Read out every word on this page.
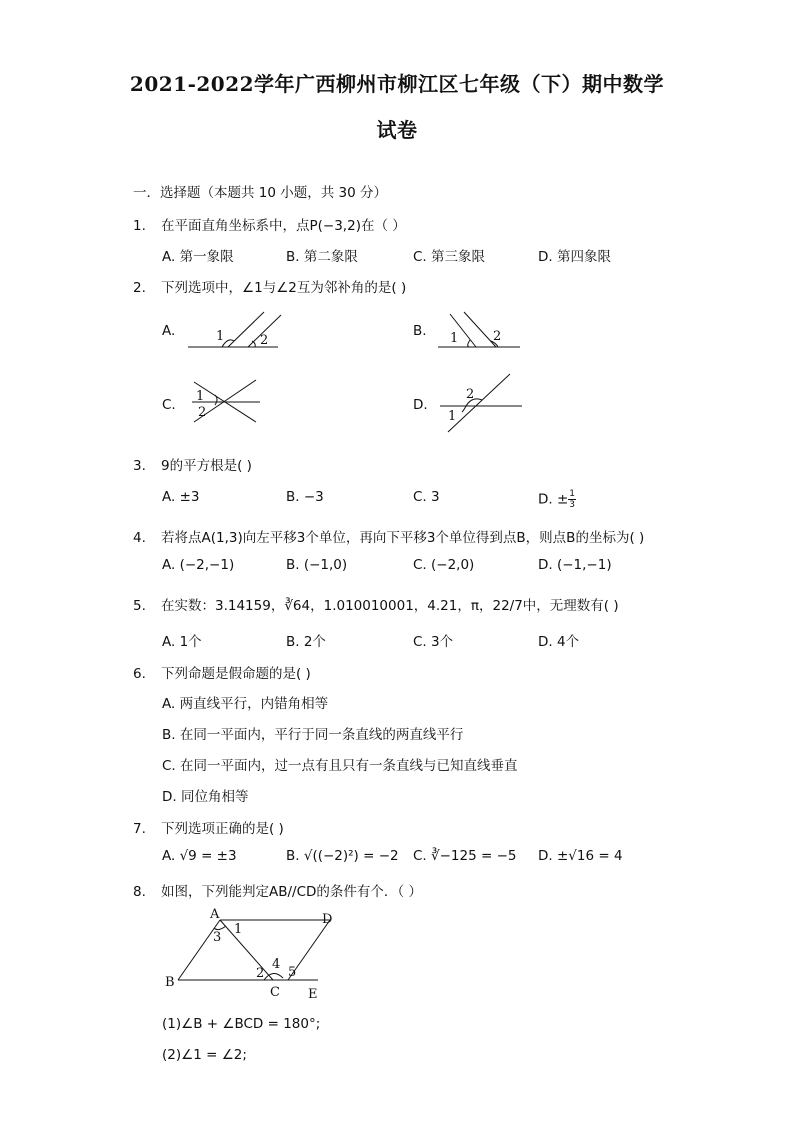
2021-2022学年广西柳州市柳江区七年级（下）期中数学
试卷
一．选择题（本题共 10 小题，共 30 分）
1. 在平面直角坐标系中，点P(−3,2)在（ ）
A. 第一象限	B. 第二象限	C. 第三象限	D. 第四象限
2. 下列选项中，∠1与∠2互为邻补角的是( )
A.	B.
C.	D.
1	2	1	2
1
2
2
1
3. 9的平方根是( )
A. ±3	B. −3	C. 3	D. ± $\frac{1}{3}$
4. 若将点A(1,3)向左平移3个单位，再向下平移3个单位得到点B，则点B的坐标为( )
A. (−2,−1)	B. (−1,0)	C. (−2,0)	D. (−1,−1)
5. 在实数：3.14159，∛64，1.010010001，4.21，π，22/7中，无理数有( )
A. 1个	B. 2个	C. 3个	D. 4个
6. 下列命题是假命题的是( )
A. 两直线平行，内错角相等
B. 在同一平面内，平行于同一条直线的两直线平行
C. 在同一平面内，过一点有且只有一条直线与已知直线垂直
D. 同位角相等
7. 下列选项正确的是( )
A. √9 = ±3	B. √((−2)²) = −2 C. ∛−125 = −5 D. ±√16 = 4
8. 如图，下列能判定AB//CD的条件有个．（ ）
A	D
B
C E
1
3
2
4
5
(1)∠B + ∠BCD = 180°;
(2)∠1 = ∠2;
